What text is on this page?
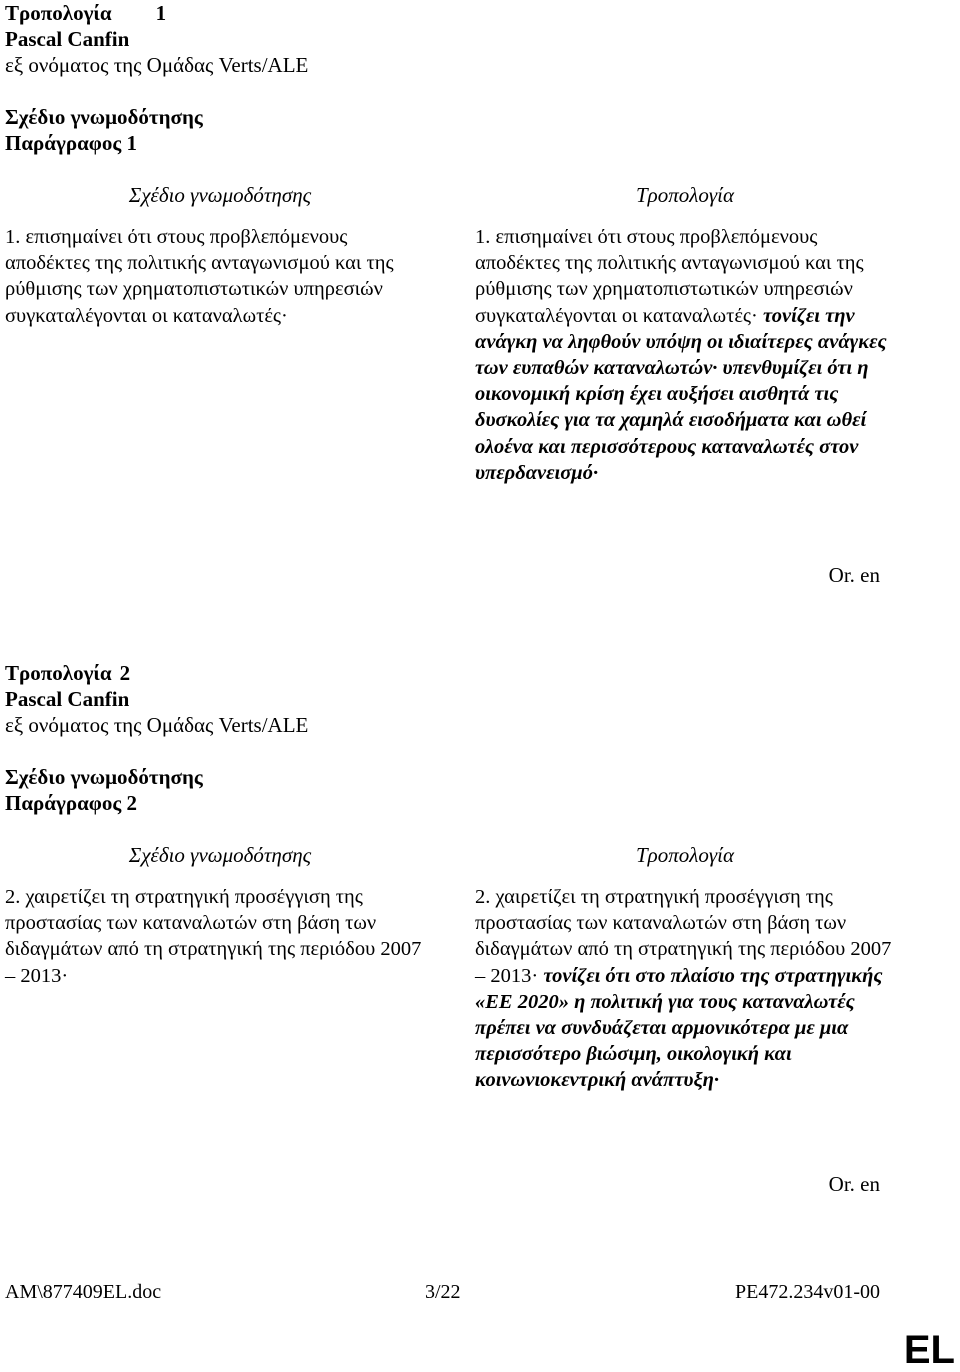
Τροπολογία 1
Pascal Canfin
εξ ονόματος της Ομάδας Verts/ALE
Σχέδιο γνωμοδότησης
Παράγραφος 1
Σχέδιο γνωμοδότησης
1. επισημαίνει ότι στους προβλεπόμενους αποδέκτες της πολιτικής ανταγωνισμού και της ρύθμισης των χρηματοπιστωτικών υπηρεσιών συγκαταλέγονται οι καταναλωτές·
Τροπολογία
1. επισημαίνει ότι στους προβλεπόμενους αποδέκτες της πολιτικής ανταγωνισμού και της ρύθμισης των χρηματοπιστωτικών υπηρεσιών συγκαταλέγονται οι καταναλωτές· τονίζει την ανάγκη να ληφθούν υπόψη οι ιδιαίτερες ανάγκες των ευπαθών καταναλωτών· υπενθυμίζει ότι η οικονομική κρίση έχει αυξήσει αισθητά τις δυσκολίες για τα χαμηλά εισοδήματα και ωθεί ολοένα και περισσότερους καταναλωτές στον υπερδανεισμό·
Or. en
Τροπολογία 2
Pascal Canfin
εξ ονόματος της Ομάδας Verts/ALE
Σχέδιο γνωμοδότησης
Παράγραφος 2
Σχέδιο γνωμοδότησης
2. χαιρετίζει τη στρατηγική προσέγγιση της προστασίας των καταναλωτών στη βάση των διδαγμάτων από τη στρατηγική της περιόδου 2007 – 2013·
Τροπολογία
2. χαιρετίζει τη στρατηγική προσέγγιση της προστασίας των καταναλωτών στη βάση των διδαγμάτων από τη στρατηγική της περιόδου 2007 – 2013· τονίζει ότι στο πλαίσιο της στρατηγικής «ΕΕ 2020» η πολιτική για τους καταναλωτές πρέπει να συνδυάζεται αρμονικότερα με μια περισσότερο βιώσιμη, οικολογική και κοινωνιοκεντρική ανάπτυξη·
Or. en
AM\877409EL.doc	3/22	PE472.234v01-00
EL
